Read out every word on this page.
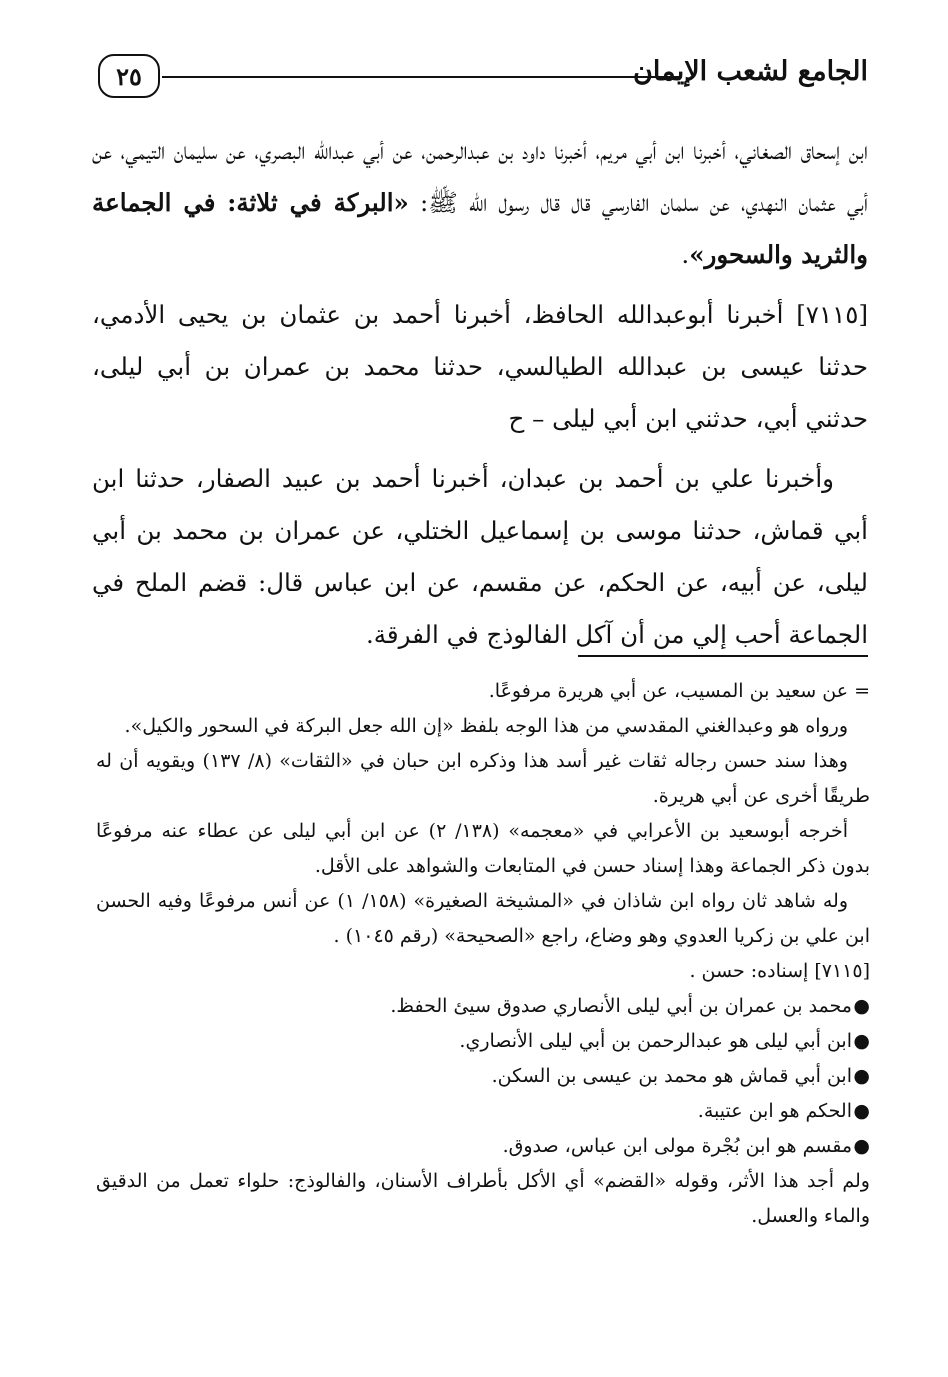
الجامع لشعب الإيمان
٢٥

ابن إسحاق الصغاني، أخبرنا ابن أبي مريم، أخبرنا داود بن عبدالرحمن، عن أبي عبدالله البصري، عن سليمان التيمي، عن أبي عثمان النهدي، عن سلمان الفارسي قال قال رسول الله ﷺ: «البركة في ثلاثة: في الجماعة والثريد والسحور».

[٧١١٥] أخبرنا أبوعبدالله الحافظ، أخبرنا أحمد بن عثمان بن يحيى الأدمي، حدثنا عيسى بن عبدالله الطيالسي، حدثنا محمد بن عمران بن أبي ليلى، حدثني أبي، حدثني ابن أبي ليلى – ح

وأخبرنا علي بن أحمد بن عبدان، أخبرنا أحمد بن عبيد الصفار، حدثنا ابن أبي قماش، حدثنا موسى بن إسماعيل الختلي، عن عمران بن محمد بن أبي ليلى، عن أبيه، عن الحكم، عن مقسم، عن ابن عباس قال: قضم الملح في الجماعة أحب إلي من أن آكل الفالوذج في الفرقة.

= عن سعيد بن المسيب، عن أبي هريرة مرفوعًا.

ورواه هو وعبدالغني المقدسي من هذا الوجه بلفظ «إن الله جعل البركة في السحور والكيل».

وهذا سند حسن رجاله ثقات غير أسد هذا وذكره ابن حبان في «الثقات» (٨/ ١٣٧) ويقويه أن له طريقًا أخرى عن أبي هريرة.

أخرجه أبوسعيد بن الأعرابي في «معجمه» (١٣٨/ ٢) عن ابن أبي ليلى عن عطاء عنه مرفوعًا بدون ذكر الجماعة وهذا إسناد حسن في المتابعات والشواهد على الأقل.

وله شاهد ثان رواه ابن شاذان في «المشيخة الصغيرة» (١٥٨/ ١) عن أنس مرفوعًا وفيه الحسن ابن علي بن زكريا العدوي وهو وضاع، راجع «الصحيحة» (رقم ١٠٤٥) .

[٧١١٥] إسناده: حسن .

●
محمد بن عمران بن أبي ليلى الأنصاري صدوق سيئ الحفظ.
●
ابن أبي ليلى هو عبدالرحمن بن أبي ليلى الأنصاري.
●
ابن أبي قماش هو محمد بن عيسى بن السكن.
●
الحكم هو ابن عتيبة.
●
مقسم هو ابن بُجْرة مولى ابن عباس، صدوق.

ولم أجد هذا الأثر، وقوله «القضم» أي الأكل بأطراف الأسنان، والفالوذج: حلواء تعمل من الدقيق والماء والعسل.
